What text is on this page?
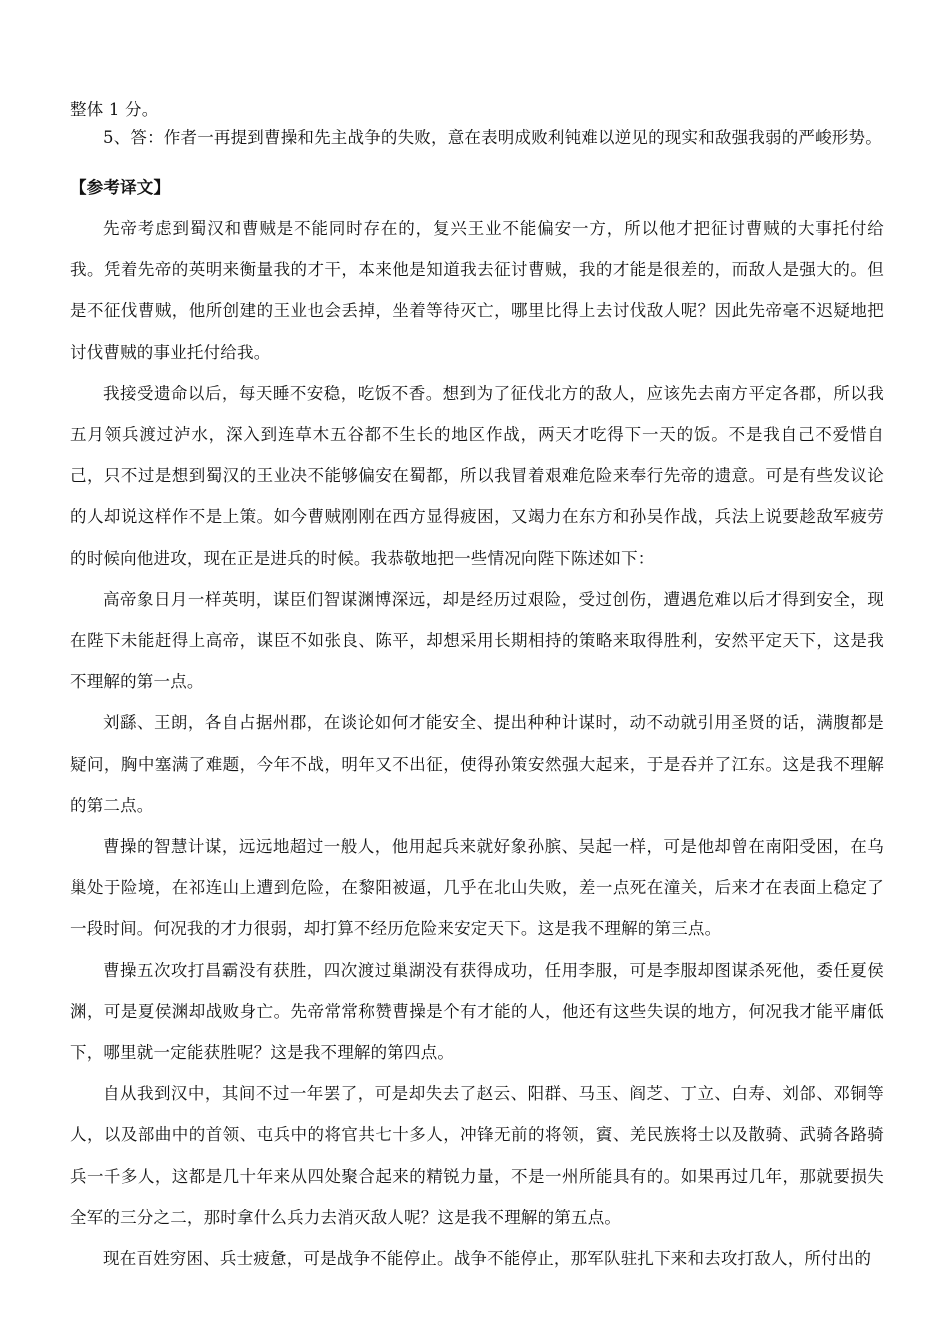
整体 1 分。
5、答：作者一再提到曹操和先主战争的失败，意在表明成败利钝难以逆见的现实和敌强我弱的严峻形势。
【参考译文】

先帝考虑到蜀汉和曹贼是不能同时存在的，复兴王业不能偏安一方，所以他才把征讨曹贼的大事托付给我。凭着先帝的英明来衡量我的才干，本来他是知道我去征讨曹贼，我的才能是很差的，而敌人是强大的。但是不征伐曹贼，他所创建的王业也会丢掉，坐着等待灭亡，哪里比得上去讨伐敌人呢？因此先帝毫不迟疑地把讨伐曹贼的事业托付给我。

我接受遗命以后，每天睡不安稳，吃饭不香。想到为了征伐北方的敌人，应该先去南方平定各郡，所以我五月领兵渡过泸水，深入到连草木五谷都不生长的地区作战，两天才吃得下一天的饭。不是我自己不爱惜自己，只不过是想到蜀汉的王业决不能够偏安在蜀都，所以我冒着艰难危险来奉行先帝的遗意。可是有些发议论的人却说这样作不是上策。如今曹贼刚刚在西方显得疲困，又竭力在东方和孙吴作战，兵法上说要趁敌军疲劳的时候向他进攻，现在正是进兵的时候。我恭敬地把一些情况向陛下陈述如下：

高帝象日月一样英明，谋臣们智谋渊博深远，却是经历过艰险，受过创伤，遭遇危难以后才得到安全，现在陛下未能赶得上高帝，谋臣不如张良、陈平，却想采用长期相持的策略来取得胜利，安然平定天下，这是我不理解的第一点。

刘繇、王朗，各自占据州郡，在谈论如何才能安全、提出种种计谋时，动不动就引用圣贤的话，满腹都是疑问，胸中塞满了难题，今年不战，明年又不出征，使得孙策安然强大起来，于是吞并了江东。这是我不理解的第二点。

曹操的智慧计谋，远远地超过一般人，他用起兵来就好象孙膑、吴起一样，可是他却曾在南阳受困，在乌巢处于险境，在祁连山上遭到危险，在黎阳被逼，几乎在北山失败，差一点死在潼关，后来才在表面上稳定了一段时间。何况我的才力很弱，却打算不经历危险来安定天下。这是我不理解的第三点。

曹操五次攻打昌霸没有获胜，四次渡过巢湖没有获得成功，任用李服，可是李服却图谋杀死他，委任夏侯渊，可是夏侯渊却战败身亡。先帝常常称赞曹操是个有才能的人，他还有这些失误的地方，何况我才能平庸低下，哪里就一定能获胜呢？这是我不理解的第四点。

自从我到汉中，其间不过一年罢了，可是却失去了赵云、阳群、马玉、阎芝、丁立、白寿、刘郃、邓铜等人，以及部曲中的首领、屯兵中的将官共七十多人，冲锋无前的将领，賨、羌民族将士以及散骑、武骑各路骑兵一千多人，这都是几十年来从四处聚合起来的精锐力量，不是一州所能具有的。如果再过几年，那就要损失全军的三分之二，那时拿什么兵力去消灭敌人呢？这是我不理解的第五点。

现在百姓穷困、兵士疲惫，可是战争不能停止。战争不能停止，那军队驻扎下来和去攻打敌人，所付出的
